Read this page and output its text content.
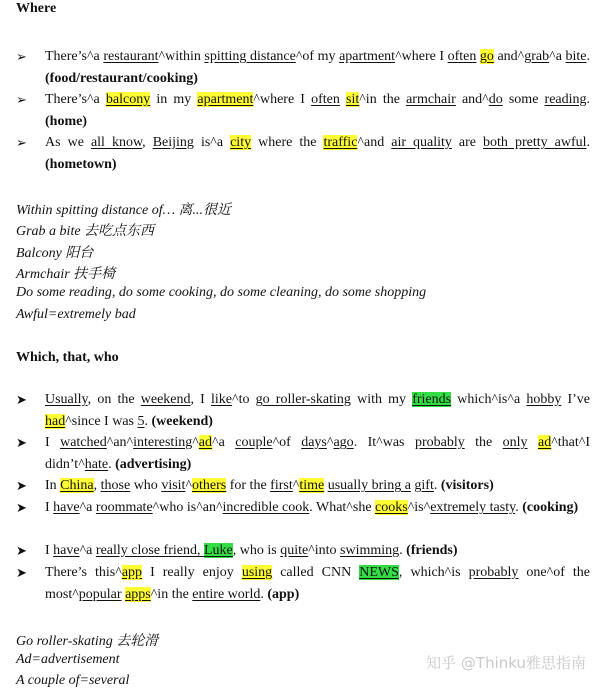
Where
➢	There’s^a restaurant^within spitting distance^of my apartment^where I often go and^grab^a bite. (food/restaurant/cooking)
➢	There’s^a balcony in my apartment^where I often sit^in the armchair and^do some reading. (home)
➢	As we all know, Beijing is^a city where the traffic^and air quality are both pretty awful. (hometown)
Within spitting distance of… 离...很近
Grab a bite 去吃点东西
Balcony 阳台
Armchair 扶手椅
Do some reading, do some cooking, do some cleaning, do some shopping
Awful=extremely bad
Which, that, who
➤	Usually, on the weekend, I like^to go roller-skating with my friends which^is^a hobby I’ve had^since I was 5. (weekend)
➤	I watched^an^interesting^ad^a couple^of days^ago. It^was probably the only ad^that^I didn’t^hate. (advertising)
➤	In China, those who visit^others for the first^time usually bring a gift. (visitors)
➤	I have^a roommate^who is^an^incredible cook. What^she cooks^is^extremely tasty. (cooking)
➤	I have^a really close friend, Luke, who is quite^into swimming. (friends)
➤	There’s this^app I really enjoy using called CNN NEWS, which^is probably one^of the most^popular apps^in the entire world. (app)
Go roller-skating 去轮滑
Ad=advertisement
A couple of=several
知乎 @Thinku雅思指南
